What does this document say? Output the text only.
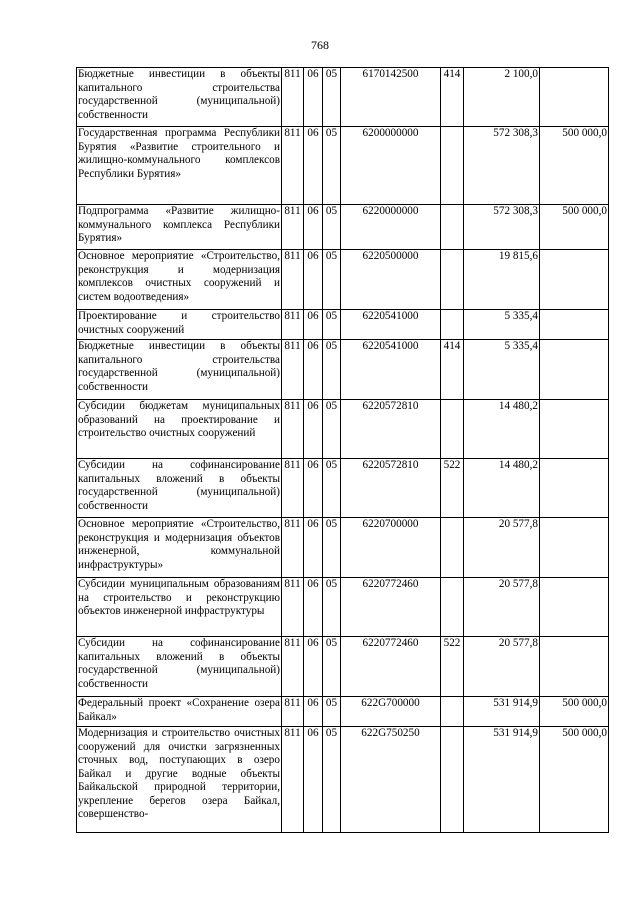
768
Бюджетные инвестиции в объекты капитального строительства государственной (муниципальной) собственности	811	06	05	6170142500	414	2 100,0	
Государственная программа Республики Бурятия «Развитие строительного и жилищно-коммунального комплексов Республики Бурятия»	811	06	05	6200000000		572 308,3	500 000,0
Подпрограмма «Развитие жилищно-коммунального комплекса Республики Бурятия»	811	06	05	6220000000		572 308,3	500 000,0
Основное мероприятие «Строительство, реконструкция и модернизация комплексов очистных сооружений и систем водоотведения»	811	06	05	6220500000		19 815,6	
Проектирование и строительство очистных сооружений	811	06	05	6220541000		5 335,4	
Бюджетные инвестиции в объекты капитального строительства государственной (муниципальной) собственности	811	06	05	6220541000	414	5 335,4	
Субсидии бюджетам муниципальных образований на проектирование и строительство очистных сооружений	811	06	05	6220572810		14 480,2	
Субсидии на софинансирование капитальных вложений в объекты государственной (муниципальной) собственности	811	06	05	6220572810	522	14 480,2	
Основное мероприятие «Строительство, реконструкция и модернизация объектов инженерной, коммунальной инфраструктуры»	811	06	05	6220700000		20 577,8	
Субсидии муниципальным образованиям на строительство и реконструкцию объектов инженерной инфраструктуры	811	06	05	6220772460		20 577,8	
Субсидии на софинансирование капитальных вложений в объекты государственной (муниципальной) собственности	811	06	05	6220772460	522	20 577,8	
Федеральный проект «Сохранение озера Байкал»	811	06	05	622G700000		531 914,9	500 000,0
Модернизация и строительство очистных сооружений для очистки загрязненных сточных вод, поступающих в озеро Байкал и другие водные объекты Байкальской природной территории, укрепление берегов озера Байкал, совершенство-	811	06	05	622G750250		531 914,9	500 000,0
